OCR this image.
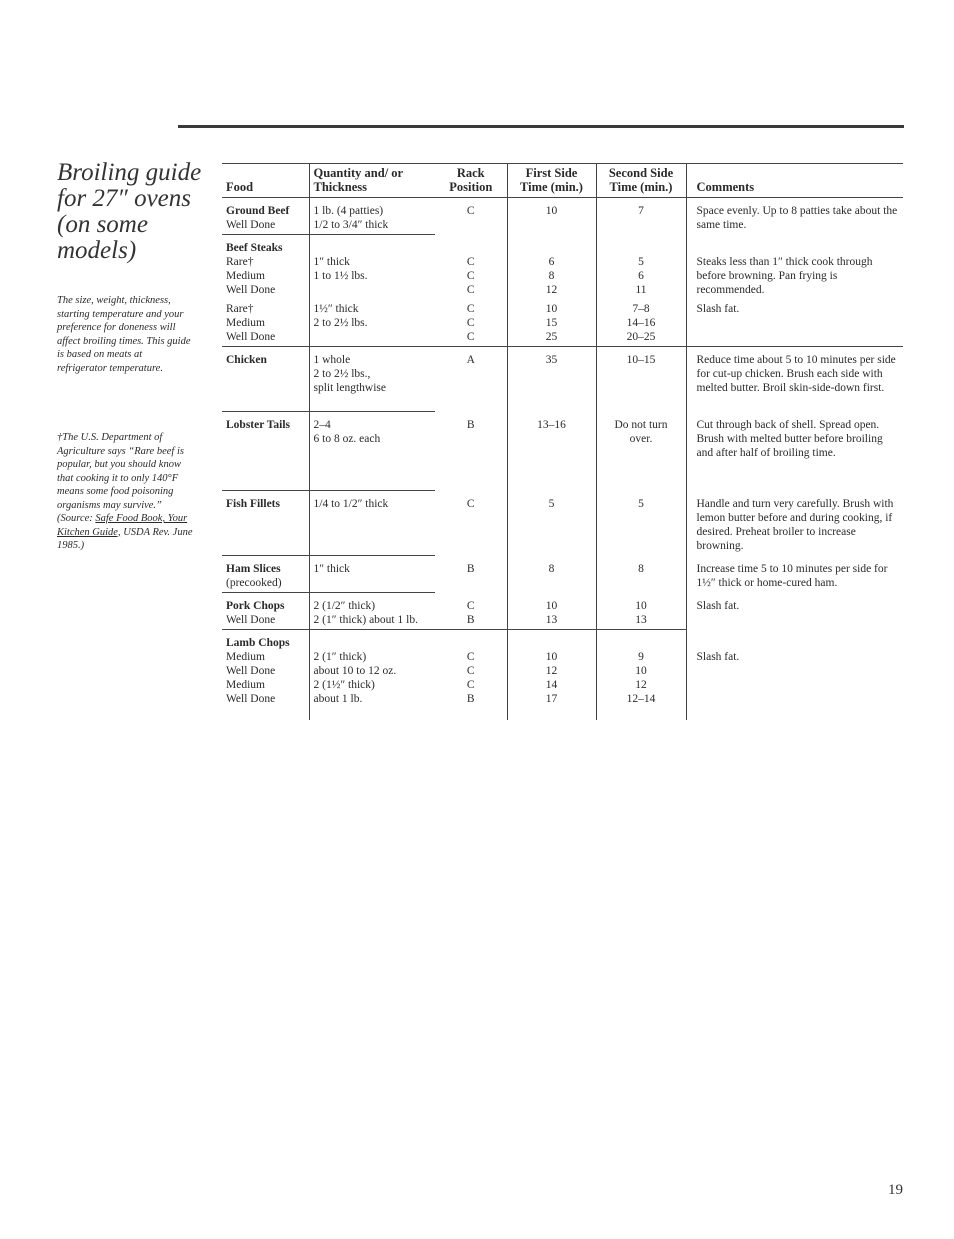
Broiling guide for 27″ ovens (on some models)

The size, weight, thickness, starting temperature and your preference for doneness will affect broiling times. This guide is based on meats at refrigerator temperature.

†The U.S. Department of Agriculture says “Rare beef is popular, but you should know that cooking it to only 140°F means some food poisoning organisms may survive.” (Source: Safe Food Book, Your Kitchen Guide, USDA Rev. June 1985.)

Food	Quantity and/ or Thickness	Rack Position	First Side Time (min.)	Second Side Time (min.)	Comments
Ground Beef	1 lb. (4 patties)	C	10	7	Space evenly. Up to 8 patties take about the same time.
Well Done	1/2 to 3/4″ thick				
Beef Steaks					
Rare†	1″ thick	C	6	5	Steaks less than 1″ thick cook through before browning. Pan frying is recommended.
Medium	1 to 1½ lbs.	C	8	6	
Well Done		C	12	11	
Rare†	1½″ thick	C	10	7–8	Slash fat.
Medium	2 to 2½ lbs.	C	15	14–16	
Well Done		C	25	20–25	
Chicken	1 whole	A	35	10–15	Reduce time about 5 to 10 minutes per side for cut-up chicken. Brush each side with melted butter. Broil skin-side-down first.
	2 to 2½ lbs.,				
	split lengthwise				

Lobster Tails	2–4	B	13–16	Do not turn over.	Cut through back of shell. Spread open. Brush with melted butter before broiling and after half of broiling time.
	6 to 8 oz. each				

Fish Fillets	1/4 to 1/2″ thick	C	5	5	Handle and turn very carefully. Brush with lemon butter before and during cooking, if desired. Preheat broiler to increase browning.

Ham Slices	1″ thick	B	8	8	Increase time 5 to 10 minutes per side for 1½″ thick or home-cured ham.
(precooked)					
Pork Chops	2 (1/2″ thick)	C	10	10	Slash fat.
Well Done	2 (1″ thick) about 1 lb.	B	13	13	
Lamb Chops					
Medium	2 (1″ thick)	C	10	9	Slash fat.
Well Done	about 10 to 12 oz.	C	12	10	
Medium	2 (1½″ thick)	C	14	12	
Well Done	about 1 lb.	B	17	12–14	
19
